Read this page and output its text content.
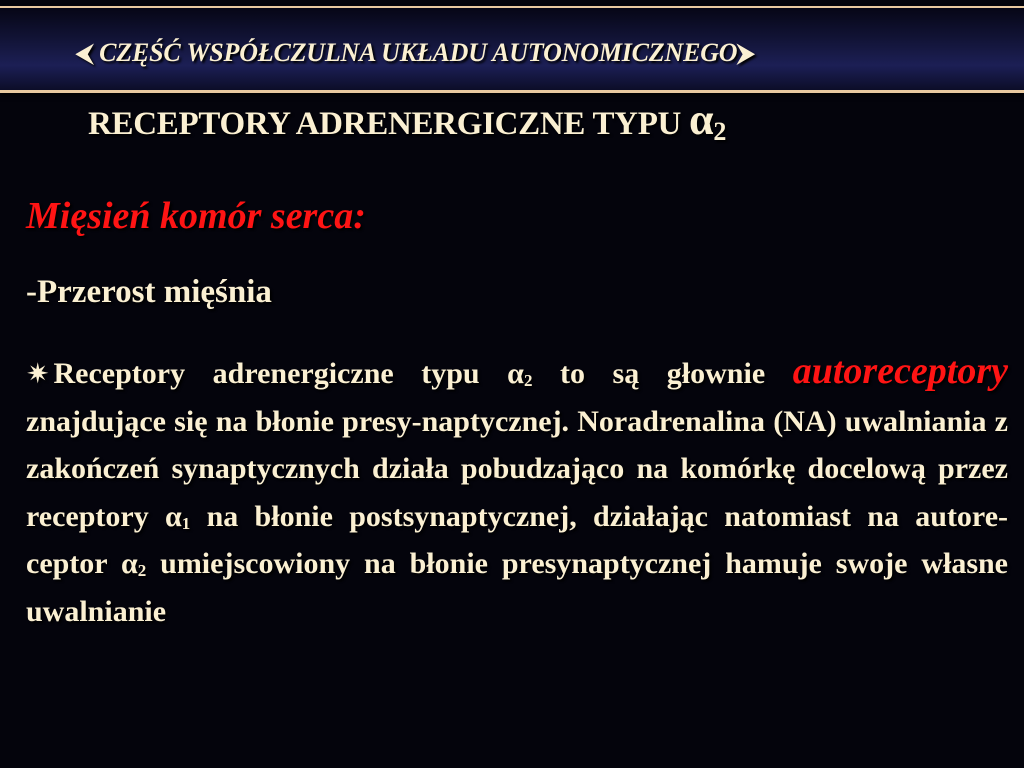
⮜ CZĘŚĆ WSPÓŁCZULNA UKŁADU AUTONOMICZNEGO⮞
RECEPTORY ADRENERGICZNE TYPU $\alpha_2$
Mięsień komór serca:
-Przerost mięśnia

✷ Receptory adrenergiczne typu $\alpha_2$ to są głownie autoreceptory znajdujące się na błonie presy-naptycznej. Noradrenalina (NA) uwalniania z zakończeń synaptycznych działa pobudzająco na komórkę docelową przez receptory $\alpha_1$ na błonie postsynaptycznej, działając natomiast na autore-ceptor $\alpha_2$ umiejscowiony na błonie presynaptycznej hamuje swoje własne uwalnianie
